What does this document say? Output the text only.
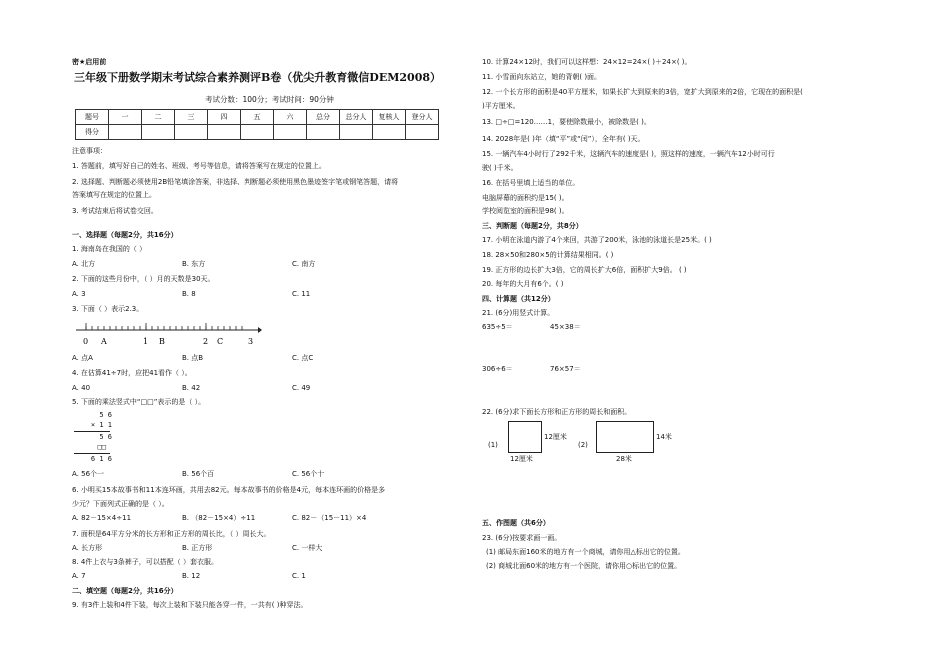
密★启用前
三年级下册数学期末考试综合素养测评B卷（优尖升教育微信DEM2008）
考试分数：100分；考试时间：90分钟
题号	一	二	三	四	五	六	总分	总分人	复核人	登分人
得分										
注意事项：
1. 答题前，填写好自己的姓名、班级、考号等信息，请将答案写在规定的位置上。
2. 选择题、判断题必须使用2B铅笔填涂答案，非选择、判断题必须使用黑色墨迹签字笔或钢笔答题，请将
答案填写在规定的位置上。
3. 考试结束后将试卷交回。
一、选择题（每题2分，共16分）
1. 海南岛在我国的（ ）
A. 北方	B. 东方	C. 南方
2. 下面的这些月份中，（ ）月的天数是30天。
A. 3	B. 8	C. 11
3. 下面（ ）表示2.3。
0 A	1 B	2 C	3
A. 点A	B. 点B	C. 点C
4. 在估算41÷7时，应把41看作（ ）。
A. 40	B. 42	C. 49
5. 下面的乘法竖式中“□□”表示的是（ ）。
5 6
× 1 1
5 6
□□
6 1 6
A. 56个一	B. 56个百	C. 56个十
6. 小明买15本故事书和11本连环画，共用去82元。每本故事书的价格是4元，每本连环画的价格是多
少元？下面列式正确的是（ ）。
A. 82－15×4÷11	B. （82－15×4）÷11	C. 82－（15－11）×4
7. 面积是64平方分米的长方形和正方形的周长比，（ ）周长大。
A. 长方形	B. 正方形	C. 一样大
8. 4件上衣与3条裤子，可以搭配（ ）套衣服。
A. 7	B. 12	C. 1
二、填空题（每题2分，共16分）
9. 有3件上装和4件下装，每次上装和下装只能各穿一件，一共有( )种穿法。
10. 计算24×12时，我们可以这样想：24×12=24×( )＋24×( )。
11. 小雪面向东站立，她的背朝( )面。
12. 一个长方形的面积是40平方厘米，如果长扩大到原来的3倍，宽扩大到原来的2倍，它现在的面积是(
)平方厘米。
13. □÷□=120……1，要使除数最小，被除数是( )。
14. 2028年是( )年（填“平”或“闰”），全年有( )天。
15. 一辆汽车4小时行了292千米，这辆汽车的速度是( )，照这样的速度，一辆汽车12小时可行
驶( )千米。
16. 在括号里填上适当的单位。
电脑屏幕的面积约是15( )。
学校阅览室的面积是98( )。
三、判断题（每题2分，共8分）
17. 小明在泳道内游了4个来回，共游了200米，泳池的泳道长是25米。( )
18. 28×50和280×5的计算结果相同。( )
19. 正方形的边长扩大3倍，它的周长扩大6倍，面积扩大9倍。 ( )
20. 每年的大月有6个。( )
四、计算题（共12分）
21. (6分)用竖式计算。
635÷5＝	45×38＝
306÷6＝	76×57＝
22. (6分)求下面长方形和正方形的周长和面积。
(1)
12厘米
12厘米
(2)
14米
28米
五、作图题（共6分）
23. (6分)按要求画一画。
(1) 邮局东面160米的地方有一个商城，请你用△标出它的位置。
(2) 商城北面60米的地方有一个医院，请你用○标出它的位置。
